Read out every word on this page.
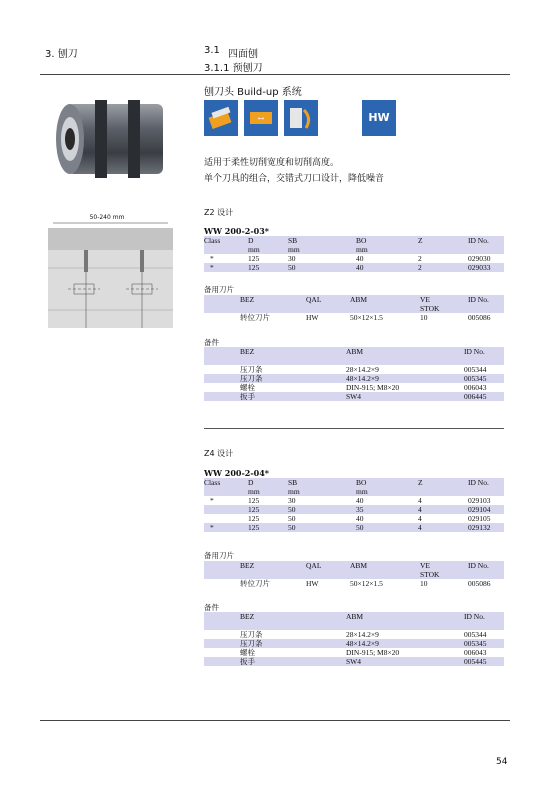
3. 刨刀	3.1 四面刨
3.1.1 预刨刀
↔	HW
刨刀头 Build-up 系统
适用于柔性切削宽度和切削高度。
单个刀具的组合，交错式刀口设计，降低噪音
50-240 mm
Z2 设计
WW 200-2-03*
Class	D	SB	BO	Z	ID No.
	mm	mm	mm		
*	125	30	40	2	029030
*	125	50	40	2	029033
备用刀片
	BEZ	QAL	ABM	VE	ID No.
				STOK	
	转位刀片	HW	50×12×1.5	10	005086
备件
	BEZ	ABM	ID No.

	压刀条	28×14.2×9	005344
	压刀条	48×14.2×9	005345
	螺栓	DIN-915; M8×20	006043
	扳手	SW4	006445
Z4 设计
WW 200-2-04*
Class	D	SB	BO	Z	ID No.
	mm	mm	mm		
*	125	30	40	4	029103
	125	50	35	4	029104
	125	50	40	4	029105
*	125	50	50	4	029132
备用刀片
	BEZ	QAL	ABM	VE	ID No.
				STOK	
	转位刀片	HW	50×12×1.5	10	005086
备件
	BEZ	ABM	ID No.

	压刀条	28×14.2×9	005344
	压刀条	48×14.2×9	005345
	螺栓	DIN-915; M8×20	006043
	扳手	SW4	005445
54
